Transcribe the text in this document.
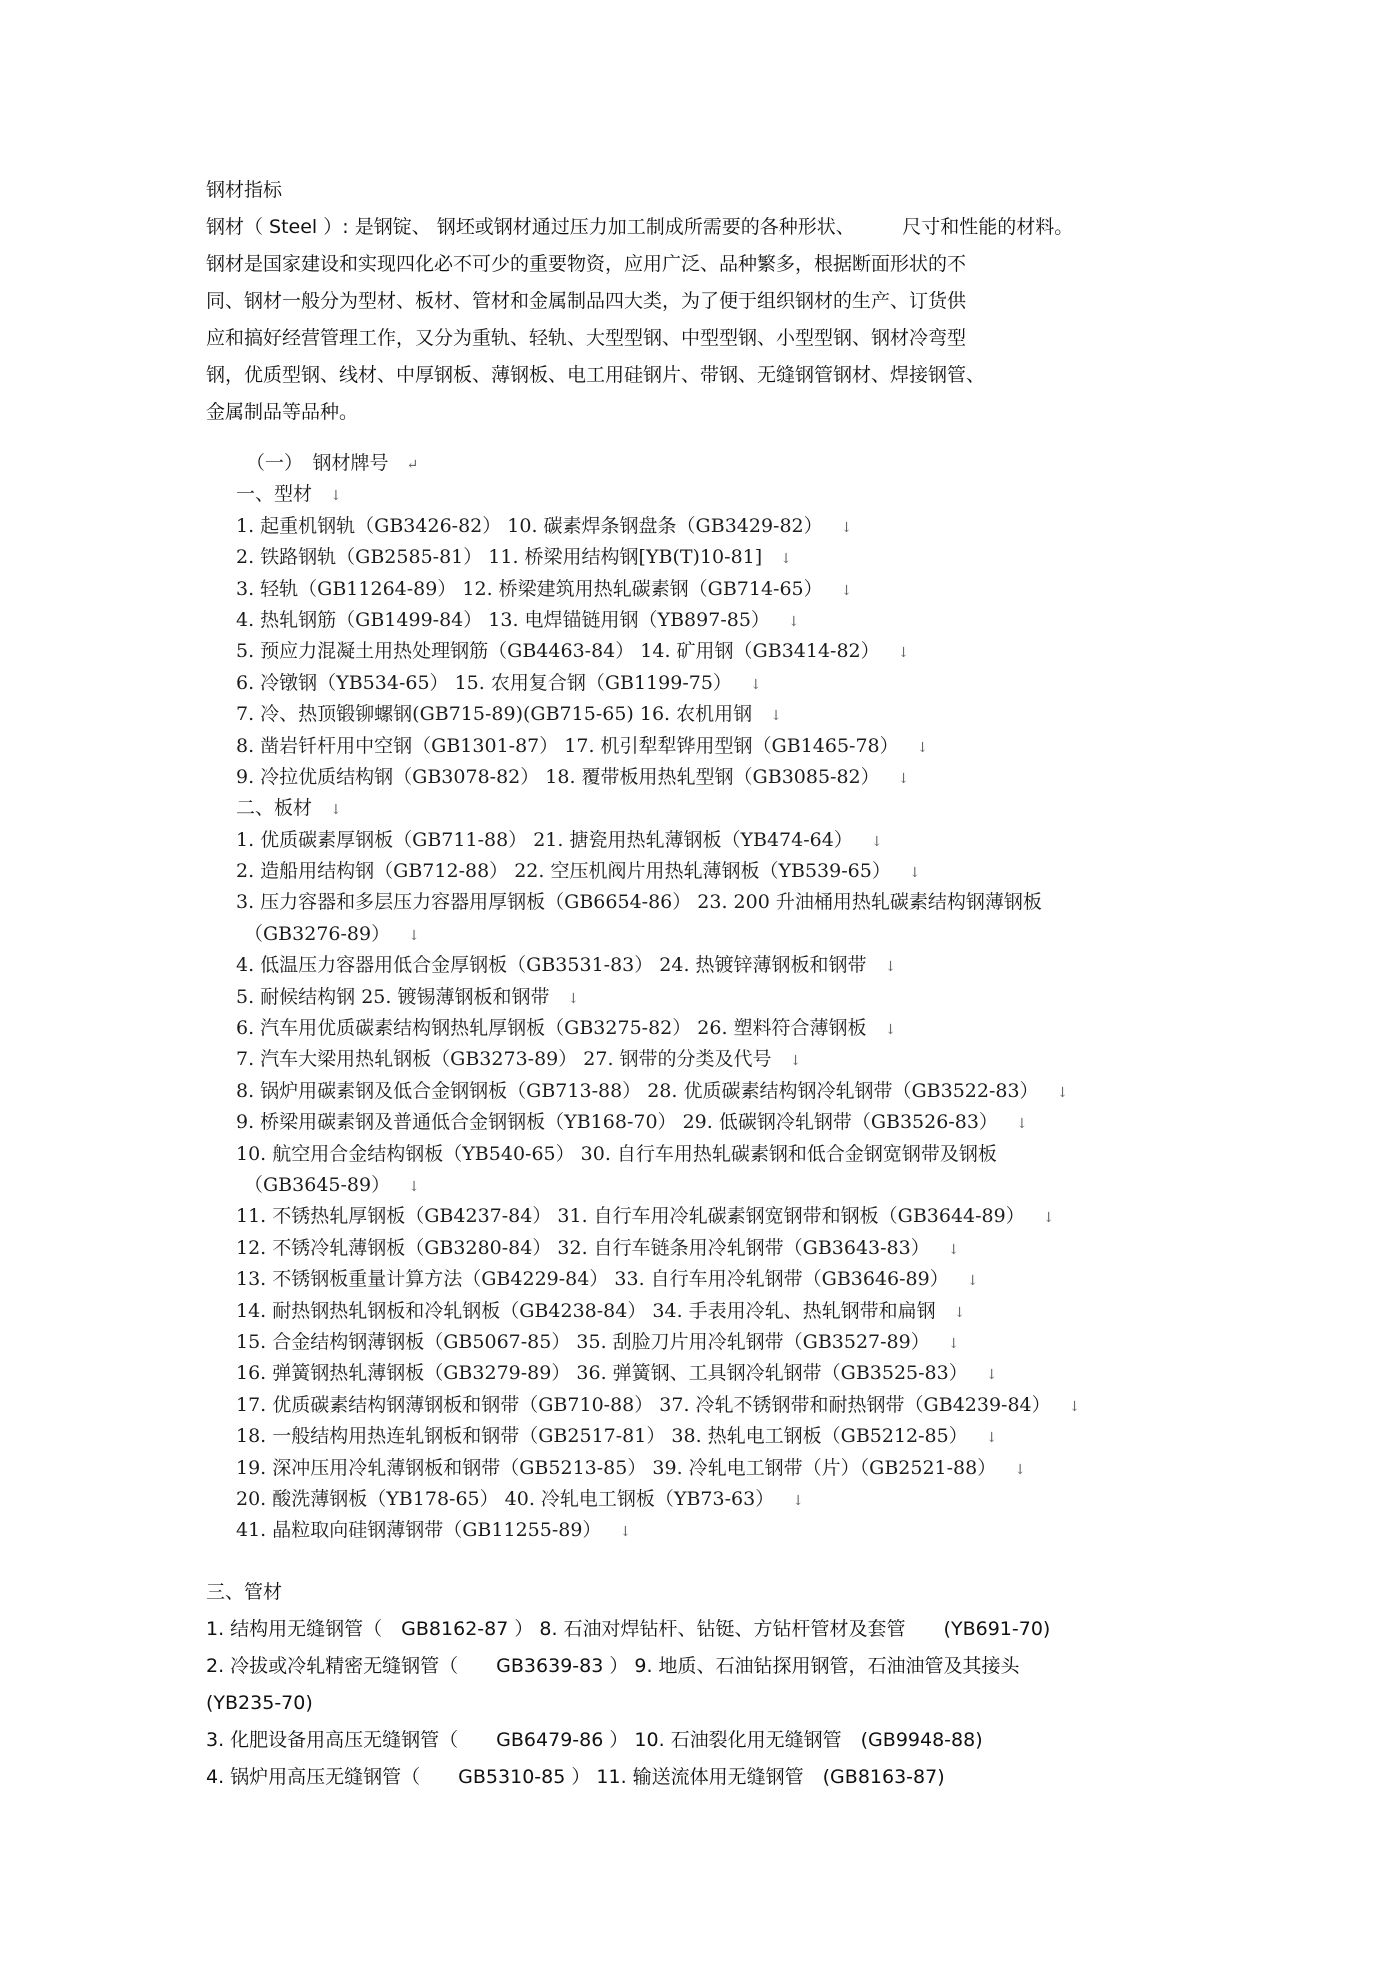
钢材指标
钢材（ Steel ）: 是钢锭、 钢坯或钢材通过压力加工制成所需要的各种形状、　　　尺寸和性能的材料。
钢材是国家建设和实现四化必不可少的重要物资，应用广泛、品种繁多，根据断面形状的不
同、钢材一般分为型材、板材、管材和金属制品四大类，为了便于组织钢材的生产、订货供
应和搞好经营管理工作，又分为重轨、轻轨、大型型钢、中型型钢、小型型钢、钢材冷弯型
钢，优质型钢、线材、中厚钢板、薄钢板、电工用硅钢片、带钢、无缝钢管钢材、焊接钢管、
金属制品等品种。
（一）　钢材牌号 ↵
一、型材 ↓
1. 起重机钢轨（GB3426-82） 10. 碳素焊条钢盘条（GB3429-82） ↓
2. 铁路钢轨（GB2585-81） 11. 桥梁用结构钢[YB(T)10-81] ↓
3. 轻轨（GB11264-89） 12. 桥梁建筑用热轧碳素钢（GB714-65） ↓
4. 热轧钢筋（GB1499-84） 13. 电焊锚链用钢（YB897-85） ↓
5. 预应力混凝土用热处理钢筋（GB4463-84） 14. 矿用钢（GB3414-82） ↓
6. 冷镦钢（YB534-65） 15. 农用复合钢（GB1199-75） ↓
7. 冷、热顶锻铆螺钢(GB715-89)(GB715-65) 16. 农机用钢 ↓
8. 凿岩钎杆用中空钢（GB1301-87） 17. 机引犁犁铧用型钢（GB1465-78） ↓
9. 冷拉优质结构钢（GB3078-82） 18. 覆带板用热轧型钢（GB3085-82） ↓
二、板材 ↓
1. 优质碳素厚钢板（GB711-88） 21. 搪瓷用热轧薄钢板（YB474-64） ↓
2. 造船用结构钢（GB712-88） 22. 空压机阀片用热轧薄钢板（YB539-65） ↓
3. 压力容器和多层压力容器用厚钢板（GB6654-86） 23. 200 升油桶用热轧碳素结构钢薄钢板
（GB3276-89） ↓
4. 低温压力容器用低合金厚钢板（GB3531-83） 24. 热镀锌薄钢板和钢带 ↓
5. 耐候结构钢 25. 镀锡薄钢板和钢带 ↓
6. 汽车用优质碳素结构钢热轧厚钢板（GB3275-82） 26. 塑料符合薄钢板 ↓
7. 汽车大梁用热轧钢板（GB3273-89） 27. 钢带的分类及代号 ↓
8. 锅炉用碳素钢及低合金钢钢板（GB713-88） 28. 优质碳素结构钢冷轧钢带（GB3522-83） ↓
9. 桥梁用碳素钢及普通低合金钢钢板（YB168-70） 29. 低碳钢冷轧钢带（GB3526-83） ↓
10. 航空用合金结构钢板（YB540-65） 30. 自行车用热轧碳素钢和低合金钢宽钢带及钢板
（GB3645-89） ↓
11. 不锈热轧厚钢板（GB4237-84） 31. 自行车用冷轧碳素钢宽钢带和钢板（GB3644-89） ↓
12. 不锈冷轧薄钢板（GB3280-84） 32. 自行车链条用冷轧钢带（GB3643-83） ↓
13. 不锈钢板重量计算方法（GB4229-84） 33. 自行车用冷轧钢带（GB3646-89） ↓
14. 耐热钢热轧钢板和冷轧钢板（GB4238-84） 34. 手表用冷轧、热轧钢带和扁钢 ↓
15. 合金结构钢薄钢板（GB5067-85） 35. 刮脸刀片用冷轧钢带（GB3527-89） ↓
16. 弹簧钢热轧薄钢板（GB3279-89） 36. 弹簧钢、工具钢冷轧钢带（GB3525-83） ↓
17. 优质碳素结构钢薄钢板和钢带（GB710-88） 37. 冷轧不锈钢带和耐热钢带（GB4239-84） ↓
18. 一般结构用热连轧钢板和钢带（GB2517-81） 38. 热轧电工钢板（GB5212-85） ↓
19. 深冲压用冷轧薄钢板和钢带（GB5213-85） 39. 冷轧电工钢带（片）（GB2521-88） ↓
20. 酸洗薄钢板（YB178-65） 40. 冷轧电工钢板（YB73-63） ↓
41. 晶粒取向硅钢薄钢带（GB11255-89） ↓
三、管材
1. 结构用无缝钢管（　GB8162-87 ） 8. 石油对焊钻杆、钻铤、方钻杆管材及套管　　(YB691-70)
2. 冷拔或冷轧精密无缝钢管（　　GB3639-83 ） 9. 地质、石油钻探用钢管，石油油管及其接头
(YB235-70)
3. 化肥设备用高压无缝钢管（　　GB6479-86 ） 10. 石油裂化用无缝钢管　(GB9948-88)
4. 锅炉用高压无缝钢管（　　GB5310-85 ） 11. 输送流体用无缝钢管　(GB8163-87)
